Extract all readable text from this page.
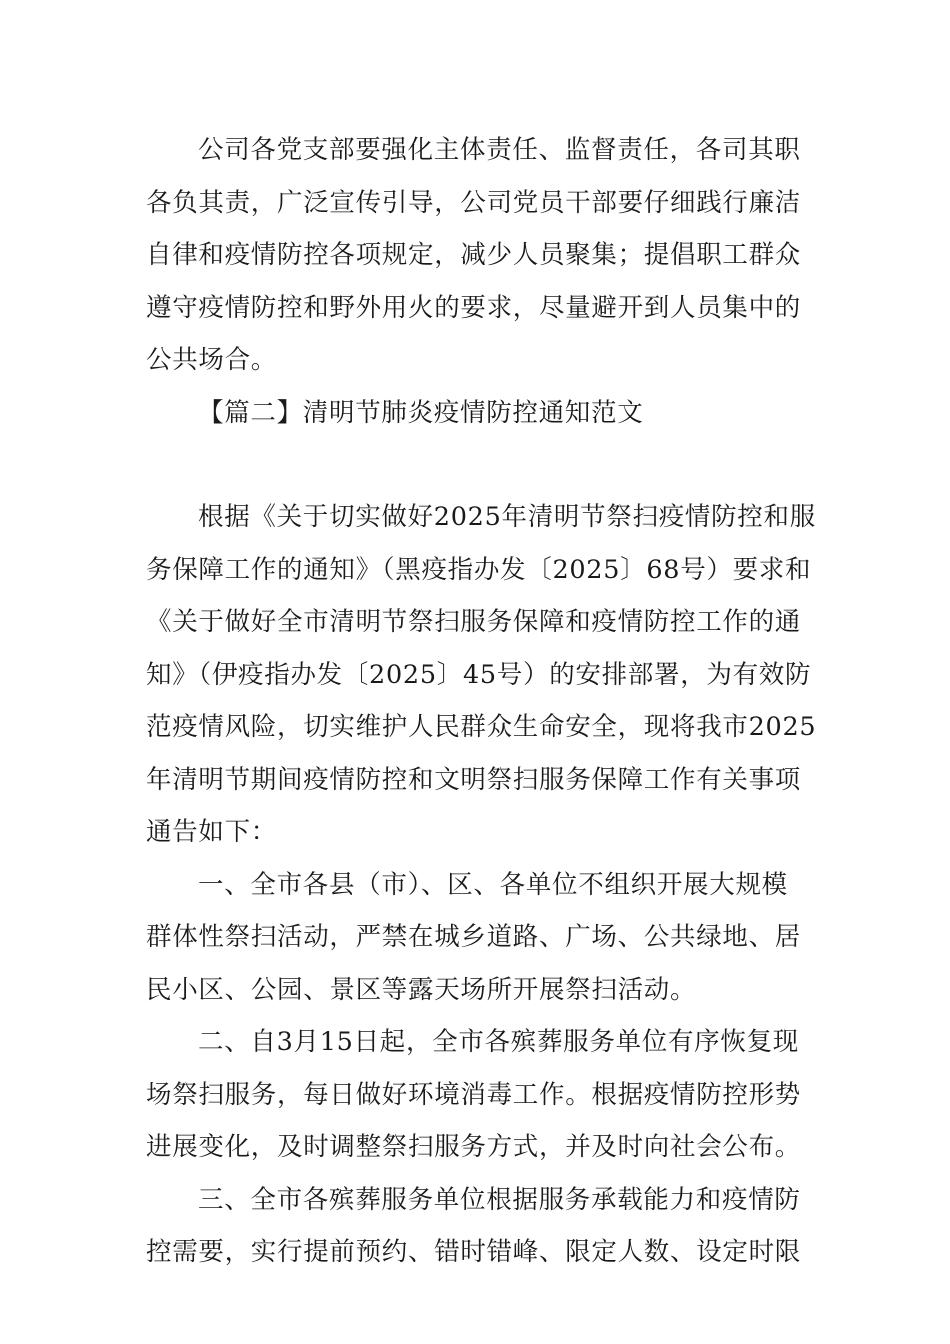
公司各党支部要强化主体责任、监督责任，各司其职
各负其责，广泛宣传引导，公司党员干部要仔细践行廉洁
自律和疫情防控各项规定，减少人员聚集；提倡职工群众
遵守疫情防控和野外用火的要求，尽量避开到人员集中的
公共场合。
【篇二】清明节肺炎疫情防控通知范文
根据《关于切实做好2025年清明节祭扫疫情防控和服
务保障工作的通知》（黑疫指办发〔2025〕68号）要求和
《关于做好全市清明节祭扫服务保障和疫情防控工作的通
知》（伊疫指办发〔2025〕45号）的安排部署，为有效防
范疫情风险，切实维护人民群众生命安全，现将我市2025
年清明节期间疫情防控和文明祭扫服务保障工作有关事项
通告如下：
一、全市各县（市）、区、各单位不组织开展大规模
群体性祭扫活动，严禁在城乡道路、广场、公共绿地、居
民小区、公园、景区等露天场所开展祭扫活动。
二、自3月15日起，全市各殡葬服务单位有序恢复现
场祭扫服务，每日做好环境消毒工作。根据疫情防控形势
进展变化，及时调整祭扫服务方式，并及时向社会公布。
三、全市各殡葬服务单位根据服务承载能力和疫情防
控需要，实行提前预约、错时错峰、限定人数、设定时限
